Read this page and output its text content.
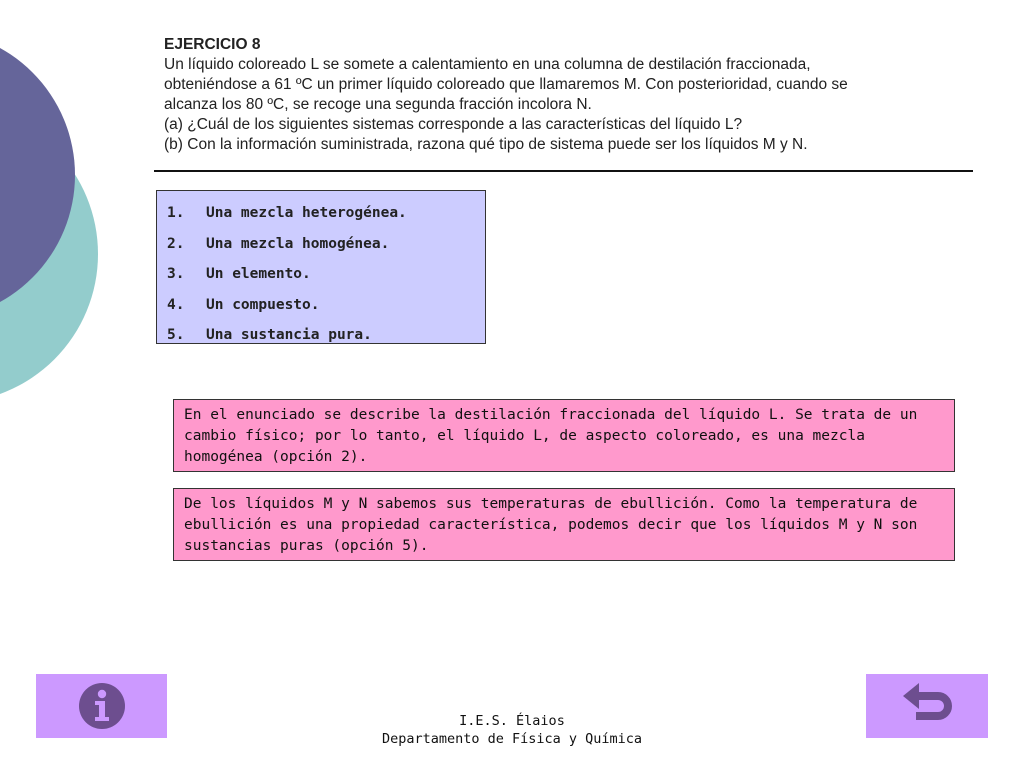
EJERCICIO 8
Un líquido coloreado L se somete a calentamiento en una columna de destilación fraccionada,
obteniéndose a 61 ºC un primer líquido coloreado que llamaremos M. Con posterioridad, cuando se
alcanza los 80 ºC, se recoge una segunda fracción incolora N.
(a) ¿Cuál de los siguientes sistemas corresponde a las características del líquido L?
(b) Con la información suministrada, razona qué tipo de sistema puede ser los líquidos M y N.
1.	Una mezcla heterogénea.
2.	Una mezcla homogénea.
3.	Un elemento.
4.	Un compuesto.
5.	Una sustancia pura.
En el enunciado se describe la destilación fraccionada del líquido L. Se trata de un
cambio físico; por lo tanto, el líquido L, de aspecto coloreado, es una mezcla
homogénea (opción 2).
De los líquidos M y N sabemos sus temperaturas de ebullición. Como la temperatura de
ebullición es una propiedad característica, podemos decir que los líquidos M y N son
sustancias puras (opción 5).
I.E.S. Élaios
Departamento de Física y Química
